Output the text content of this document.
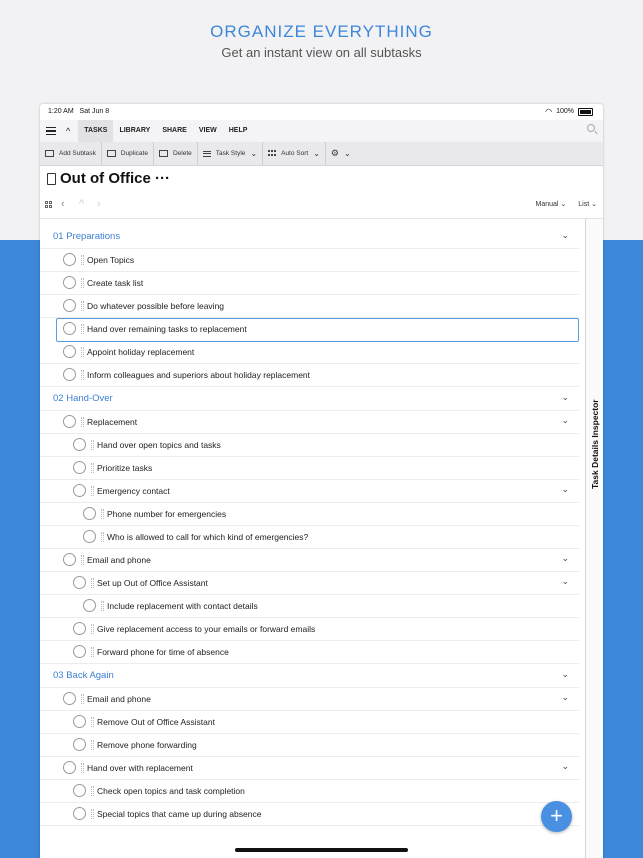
ORGANIZE EVERYTHING
Get an instant view on all subtasks
1:20 AM Sat Jun 8	◠ 100%
^	TASKS	LIBRARY	SHARE	VIEW	HELP
Add Subtask	Duplicate	Delete	Task Style ⌄	Auto Sort ⌄ ⚙ ⌄
Out of Office ···
‹ ^ ›	Manual ⌄ List ⌄
01 Preparations	⌄
Open Topics
Create task list
Do whatever possible before leaving
Hand over remaining tasks to replacement
Appoint holiday replacement
Inform colleagues and superiors about holiday replacement
02 Hand-Over	⌄
Replacement	⌄
Hand over open topics and tasks
Prioritize tasks
Emergency contact	⌄
Phone number for emergencies
Who is allowed to call for which kind of emergencies?
Email and phone	⌄
Set up Out of Office Assistant	⌄
Include replacement with contact details
Give replacement access to your emails or forward emails
Forward phone for time of absence
03 Back Again	⌄
Email and phone	⌄
Remove Out of Office Assistant
Remove phone forwarding
Hand over with replacement	⌄
Check open topics and task completion
Special topics that came up during absence
Task Details Inspector
+
